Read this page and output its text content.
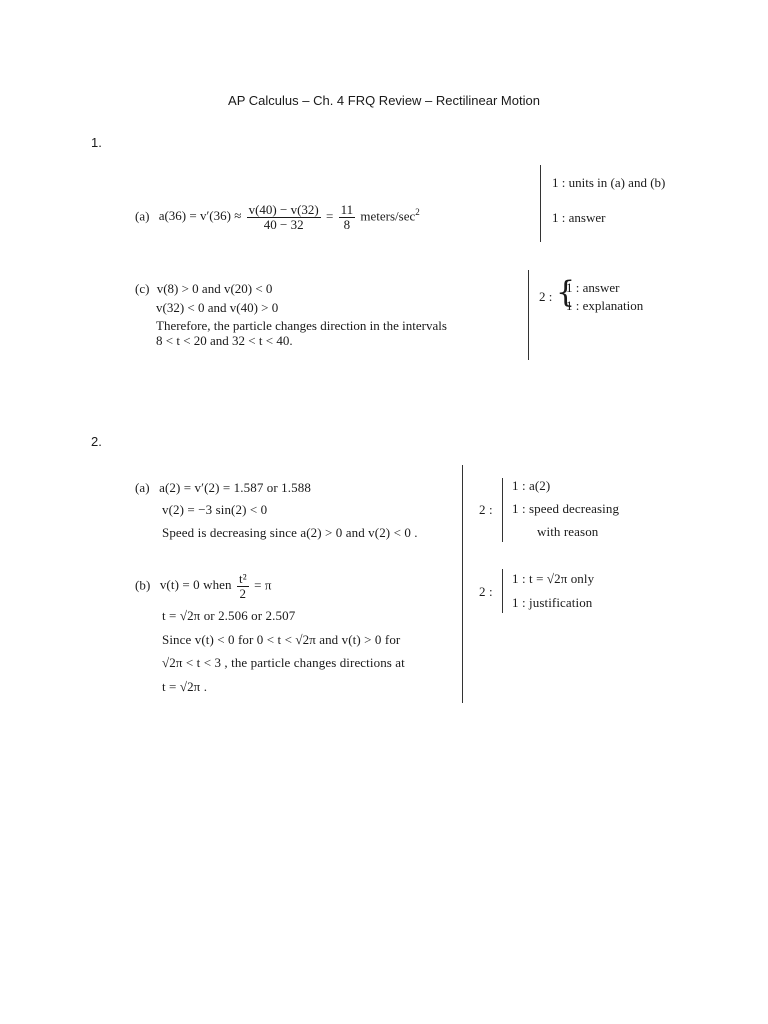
AP Calculus – Ch. 4 FRQ Review – Rectilinear Motion
1.
(a) $a(36) = v'(36) \approx \frac{v(40) - v(32)}{40 - 32} = \frac{11}{8}$ meters/$\sec^2$
1 : units in (a) and (b)
1 : answer
(c) v(8) > 0 and v(20) < 0
v(32) < 0 and v(40) > 0
Therefore, the particle changes direction in the intervals
8 < t < 20 and 32 < t < 40.
2 : {
1 : answer
1 : explanation
2.
(a) a(2) = v′(2) = 1.587 or 1.588
v(2) = −3 sin(2) < 0
Speed is decreasing since a(2) > 0 and v(2) < 0 .
2 :
1 : a(2)
1 : speed decreasing
with reason
(b) v(t) = 0 when $\frac{\text{t²}}{2} = \pi$
t = √2π or 2.506 or 2.507
Since v(t) < 0 for 0 < t < √2π and v(t) > 0 for
√2π < t < 3 , the particle changes directions at
t = √2π .
2 :
1 : t = √2π only
1 : justification
